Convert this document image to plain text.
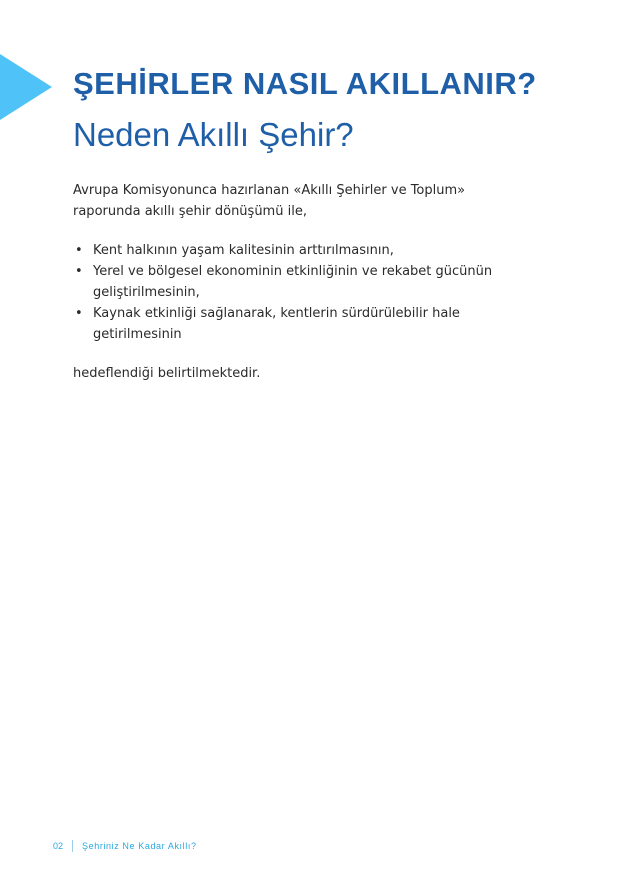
ŞEHİRLER NASIL AKILLANIR?
Neden Akıllı Şehir?

Avrupa Komisyonunca hazırlanan «Akıllı Şehirler ve Toplum»
raporunda akıllı şehir dönüşümü ile,

• Kent halkının yaşam kalitesinin arttırılmasının,
• Yerel ve bölgesel ekonominin etkinliğinin ve rekabet gücünün geliştirilmesinin,
• Kaynak etkinliği sağlanarak, kentlerin sürdürülebilir hale getirilmesinin

hedeflendiği belirtilmektedir.

02 Şehriniz Ne Kadar Akıllı?
